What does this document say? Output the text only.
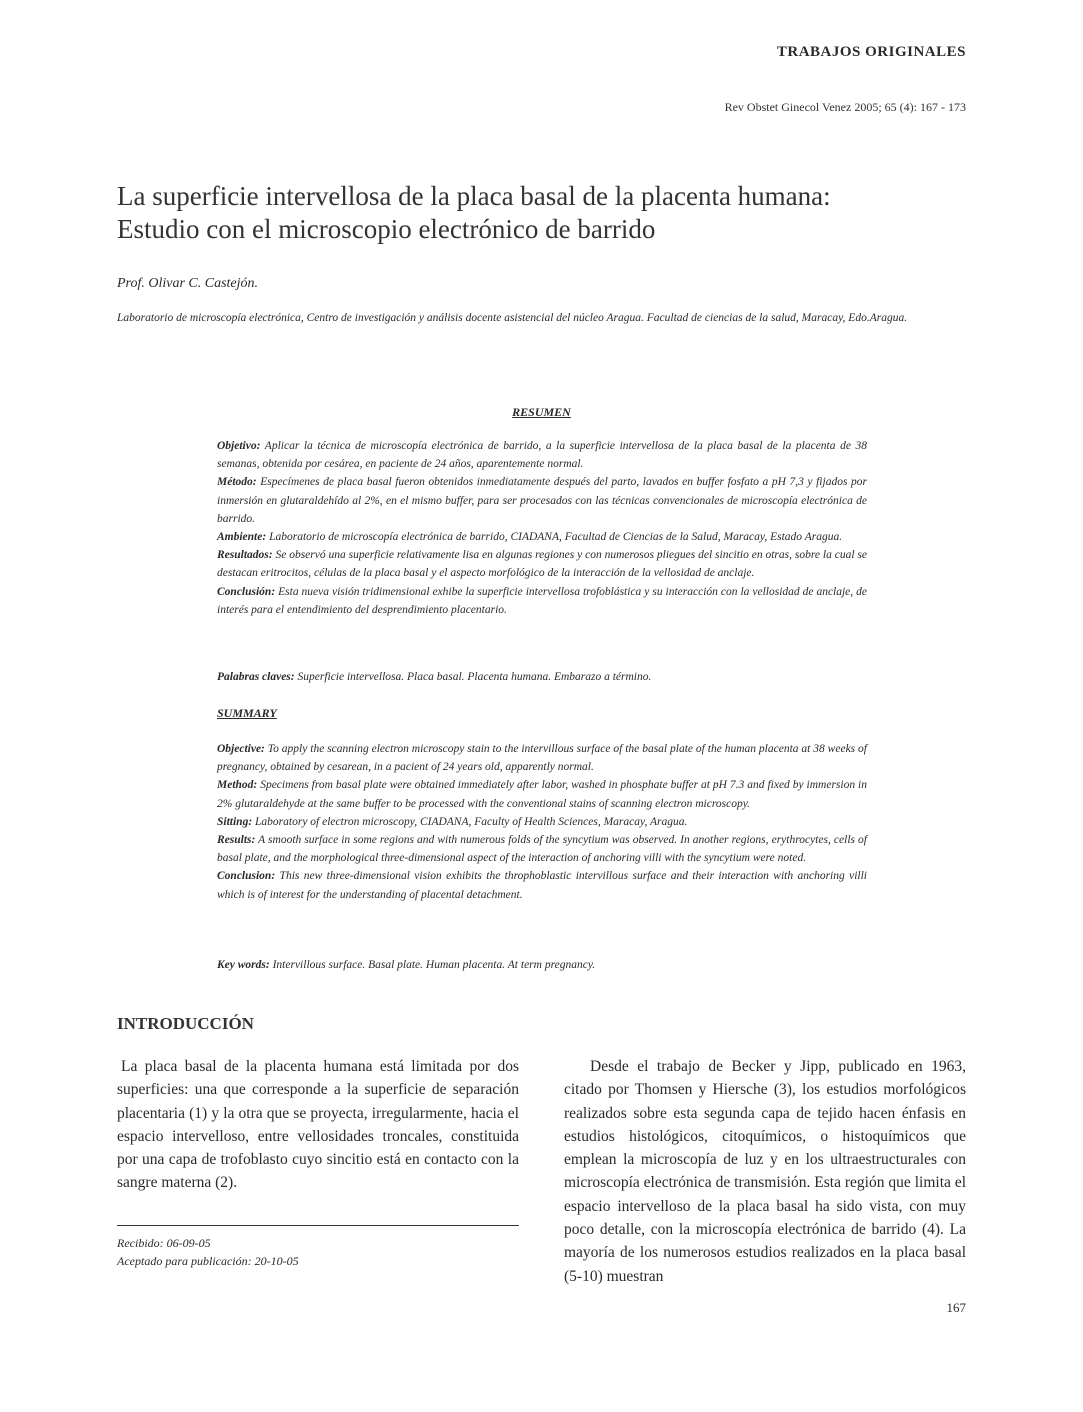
TRABAJOS ORIGINALES
Rev Obstet Ginecol Venez 2005; 65 (4): 167 - 173
La superficie intervellosa de la placa basal de la placenta humana:
Estudio con el microscopio electrónico de barrido
Prof. Olivar C. Castejón.
Laboratorio de microscopía electrónica, Centro de investigación y análisis docente asistencial del núcleo Aragua. Facultad de ciencias de la salud, Maracay, Edo.Aragua.
RESUMEN

Objetivo: Aplicar la técnica de microscopía electrónica de barrido, a la superficie intervellosa de la placa basal de la placenta de 38 semanas, obtenida por cesárea, en paciente de 24 años, aparentemente normal.

Método: Especímenes de placa basal fueron obtenidos inmediatamente después del parto, lavados en buffer fosfato a pH 7,3 y fijados por inmersión en glutaraldehído al 2%, en el mismo buffer, para ser procesados con las técnicas convencionales de microscopía electrónica de barrido.

Ambiente: Laboratorio de microscopía electrónica de barrido, CIADANA, Facultad de Ciencias de la Salud, Maracay, Estado Aragua.

Resultados: Se observó una superficie relativamente lisa en algunas regiones y con numerosos pliegues del sincitio en otras, sobre la cual se destacan eritrocitos, células de la placa basal y el aspecto morfológico de la interacción de la vellosidad de anclaje.

Conclusión: Esta nueva visión tridimensional exhibe la superficie intervellosa trofoblástica y su interacción con la vellosidad de anclaje, de interés para el entendimiento del desprendimiento placentario.

Palabras claves: Superficie intervellosa. Placa basal. Placenta humana. Embarazo a término.

SUMMARY

Objective: To apply the scanning electron microscopy stain to the intervillous surface of the basal plate of the human placenta at 38 weeks of pregnancy, obtained by cesarean, in a pacient of 24 years old, apparently normal.

Method: Specimens from basal plate were obtained immediately after labor, washed in phosphate buffer at pH 7.3 and fixed by immersion in 2% glutaraldehyde at the same buffer to be processed with the conventional stains of scanning electron microscopy.

Sitting: Laboratory of electron microscopy, CIADANA, Faculty of Health Sciences, Maracay, Aragua.

Results: A smooth surface in some regions and with numerous folds of the syncytium was observed. In another regions, erythrocytes, cells of basal plate, and the morphological three-dimensional aspect of the interaction of anchoring villi with the syncytium were noted.

Conclusion: This new three-dimensional vision exhibits the throphoblastic intervillous surface and their interaction with anchoring villi which is of interest for the understanding of placental detachment.

Key words: Intervillous surface. Basal plate. Human placenta. At term pregnancy.

INTRODUCCIÓN

La placa basal de la placenta humana está limitada por dos superficies: una que corresponde a la superficie de separación placentaria (1) y la otra que se proyecta, irregularmente, hacia el espacio intervelloso, entre vellosidades troncales, constituida por una capa de trofoblasto cuyo sincitio está en contacto con la sangre materna (2).

Desde el trabajo de Becker y Jipp, publicado en 1963, citado por Thomsen y Hiersche (3), los estudios morfológicos realizados sobre esta segunda capa de tejido hacen énfasis en estudios histológicos, citoquímicos, o histoquímicos que emplean la microscopía de luz y en los ultraestructurales con microscopía electrónica de transmisión. Esta región que limita el espacio intervelloso de la placa basal ha sido vista, con muy poco detalle, con la microscopía electrónica de barrido (4). La mayoría de los numerosos estudios realizados en la placa basal (5-10) muestran

Recibido: 06-09-05
Aceptado para publicación: 20-10-05
167
